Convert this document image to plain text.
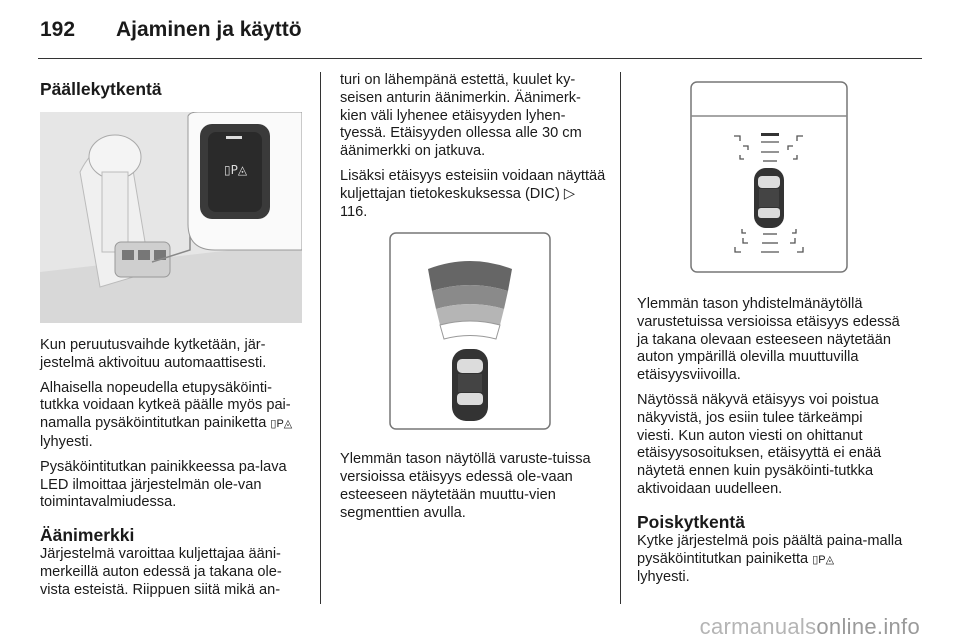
192 Ajaminen ja käyttö
Päällekytkentä
▯P◬

Kun peruutusvaihde kytketään, jär-jestelmä aktivoituu automaattisesti.

Alhaisella nopeudella etupysäköinti-tutkka voidaan kytkeä päälle myös pai-namalla pysäköintitutkan painiketta ▯P◬ lyhyesti.

Pysäköintitutkan painikkeessa pa-lava LED ilmoittaa järjestelmän ole-van toimintavalmiudessa.

Äänimerkki

Järjestelmä varoittaa kuljettajaa ääni-merkeillä auton edessä ja takana ole-vista esteistä. Riippuen siitä mikä an-

turi on lähempänä estettä, kuulet ky-seisen anturin äänimerkin. Äänimerk-kien väli lyhenee etäisyyden lyhen-tyessä. Etäisyyden ollessa alle 30 cm äänimerkki on jatkuva.

Lisäksi etäisyys esteisiin voidaan näyttää kuljettajan tietokeskuksessa (DIC) ▷ 116.

Ylemmän tason näytöllä varuste-tuissa versioissa etäisyys edessä ole-vaan esteeseen näytetään muuttu-vien segmenttien avulla.

Ylemmän tason yhdistelmänäytöllä varustetuissa versioissa etäisyys edessä ja takana olevaan esteeseen näytetään auton ympärillä olevilla muuttuvilla etäisyysviivoilla.

Näytössä näkyvä etäisyys voi poistua näkyvistä, jos esiin tulee tärkeämpi viesti. Kun auton viesti on ohittanut etäisyysosoituksen, etäisyyttä ei enää näytetä ennen kuin pysäköinti-tutkka aktivoidaan uudelleen.

Poiskytkentä

Kytke järjestelmä pois päältä paina-malla pysäköintitutkan painiketta ▯P◬
lyhyesti.

carmanualsonline.info
